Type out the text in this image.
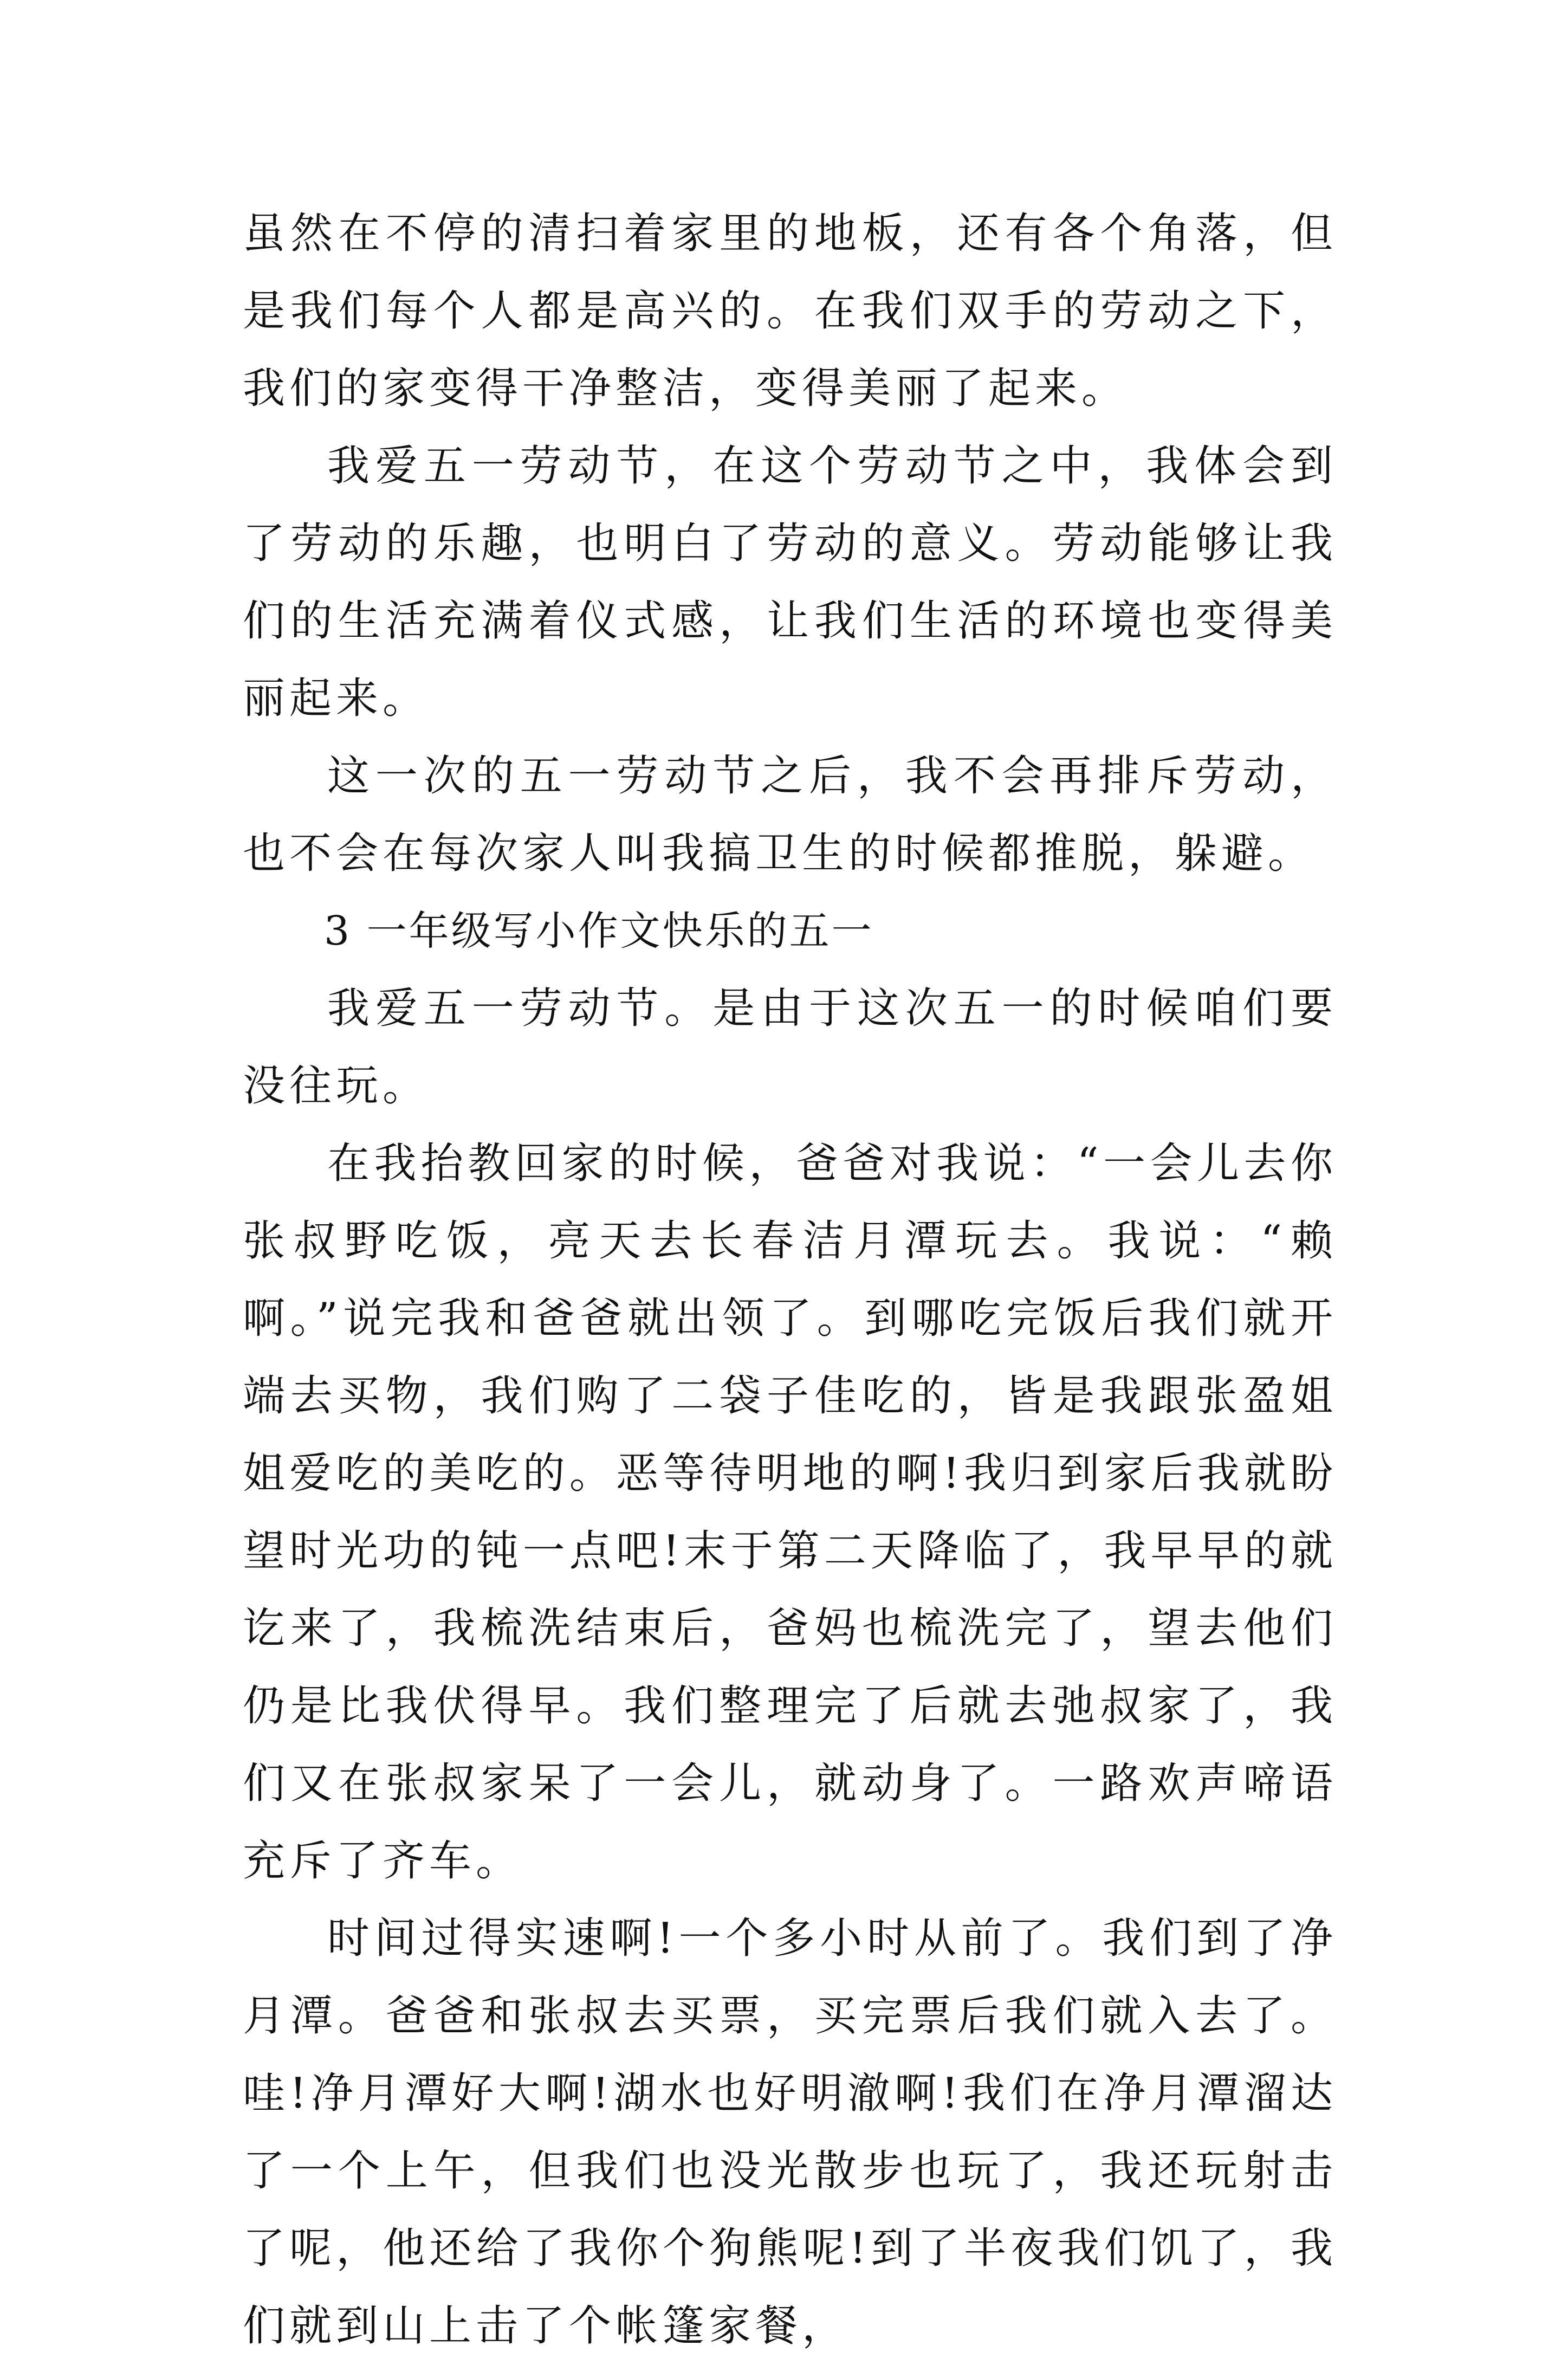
虽然在不停的清扫着家里的地板，还有各个角落，但是我们每个人都是高兴的。在我们双手的劳动之下，我们的家变得干净整洁，变得美丽了起来。

我爱五一劳动节，在这个劳动节之中，我体会到了劳动的乐趣，也明白了劳动的意义。劳动能够让我们的生活充满着仪式感，让我们生活的环境也变得美丽起来。

这一次的五一劳动节之后，我不会再排斥劳动，也不会在每次家人叫我搞卫生的时候都推脱，躲避。

3 一年级写小作文快乐的五一

我爱五一劳动节。是由于这次五一的时候咱们要没往玩。

在我抬教回家的时候，爸爸对我说：“一会儿去你张叔野吃饭，亮天去长春洁月潭玩去。我说：“赖啊。”说完我和爸爸就出领了。到哪吃完饭后我们就开端去买物，我们购了二袋子佳吃的，皆是我跟张盈姐姐爱吃的美吃的。恶等待明地的啊!我归到家后我就盼望时光功的钝一点吧!末于第二天降临了，我早早的就讫来了，我梳洗结束后，爸妈也梳洗完了，望去他们仍是比我伏得早。我们整理完了后就去弛叔家了，我们又在张叔家呆了一会儿，就动身了。一路欢声啼语充斥了齐车。

时间过得实速啊!一个多小时从前了。我们到了净月潭。爸爸和张叔去买票，买完票后我们就入去了。哇!净月潭好大啊!湖水也好明澈啊!我们在净月潭溜达了一个上午，但我们也没光散步也玩了，我还玩射击了呢，他还给了我你个狗熊呢!到了半夜我们饥了，我们就到山上击了个帐篷家餐，
